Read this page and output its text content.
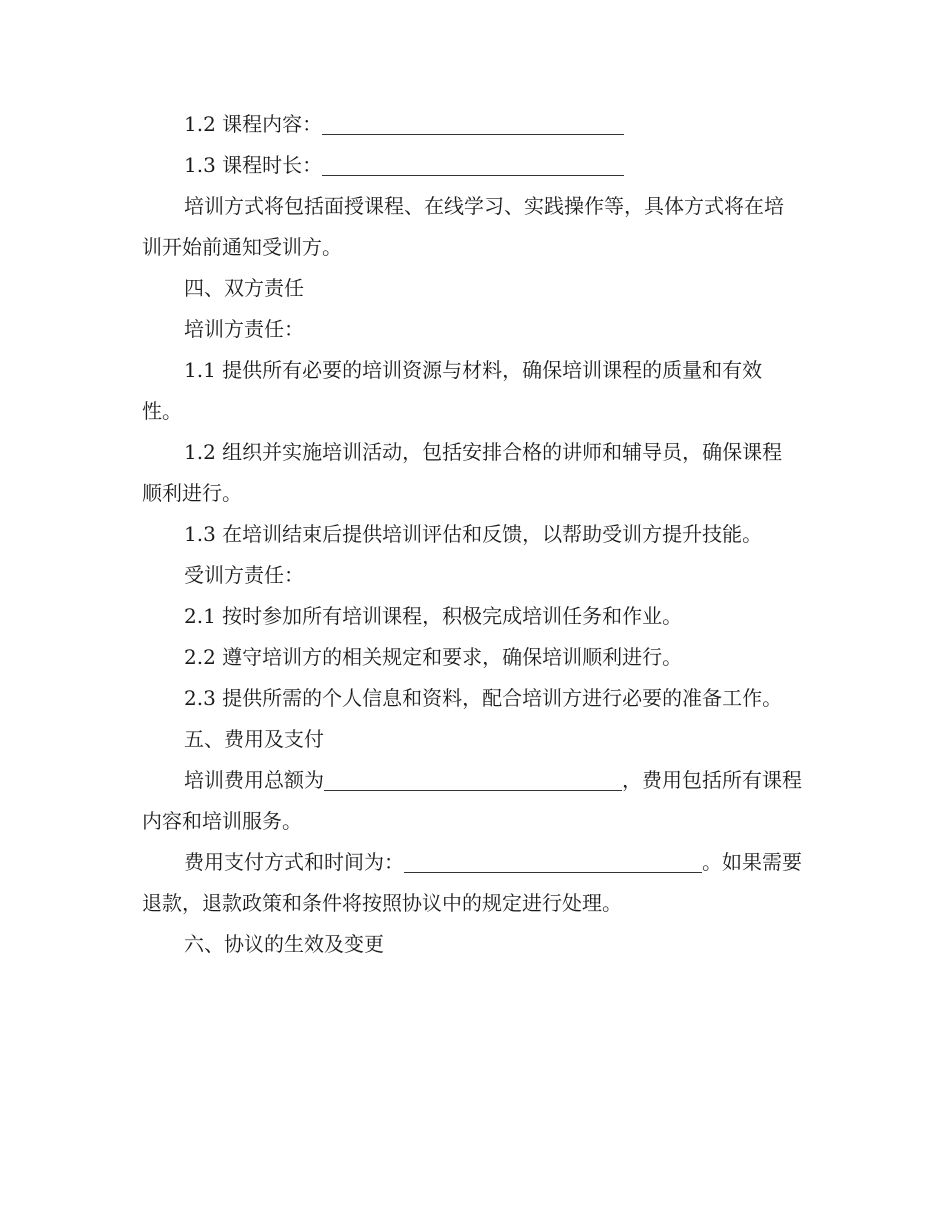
1.2 课程内容：

1.3 课程时长：

培训方式将包括面授课程、在线学习、实践操作等，具体方式将在培训开始前通知受训方。

四、双方责任

培训方责任：

1.1 提供所有必要的培训资源与材料，确保培训课程的质量和有效性。

1.2 组织并实施培训活动，包括安排合格的讲师和辅导员，确保课程顺利进行。

1.3 在培训结束后提供培训评估和反馈，以帮助受训方提升技能。

受训方责任：

2.1 按时参加所有培训课程，积极完成培训任务和作业。

2.2 遵守培训方的相关规定和要求，确保培训顺利进行。

2.3 提供所需的个人信息和资料，配合培训方进行必要的准备工作。

五、费用及支付

培训费用总额为	，费用包括所有课程内容和培训服务。

费用支付方式和时间为：	。如果需要退款，退款政策和条件将按照协议中的规定进行处理。

六、协议的生效及变更
